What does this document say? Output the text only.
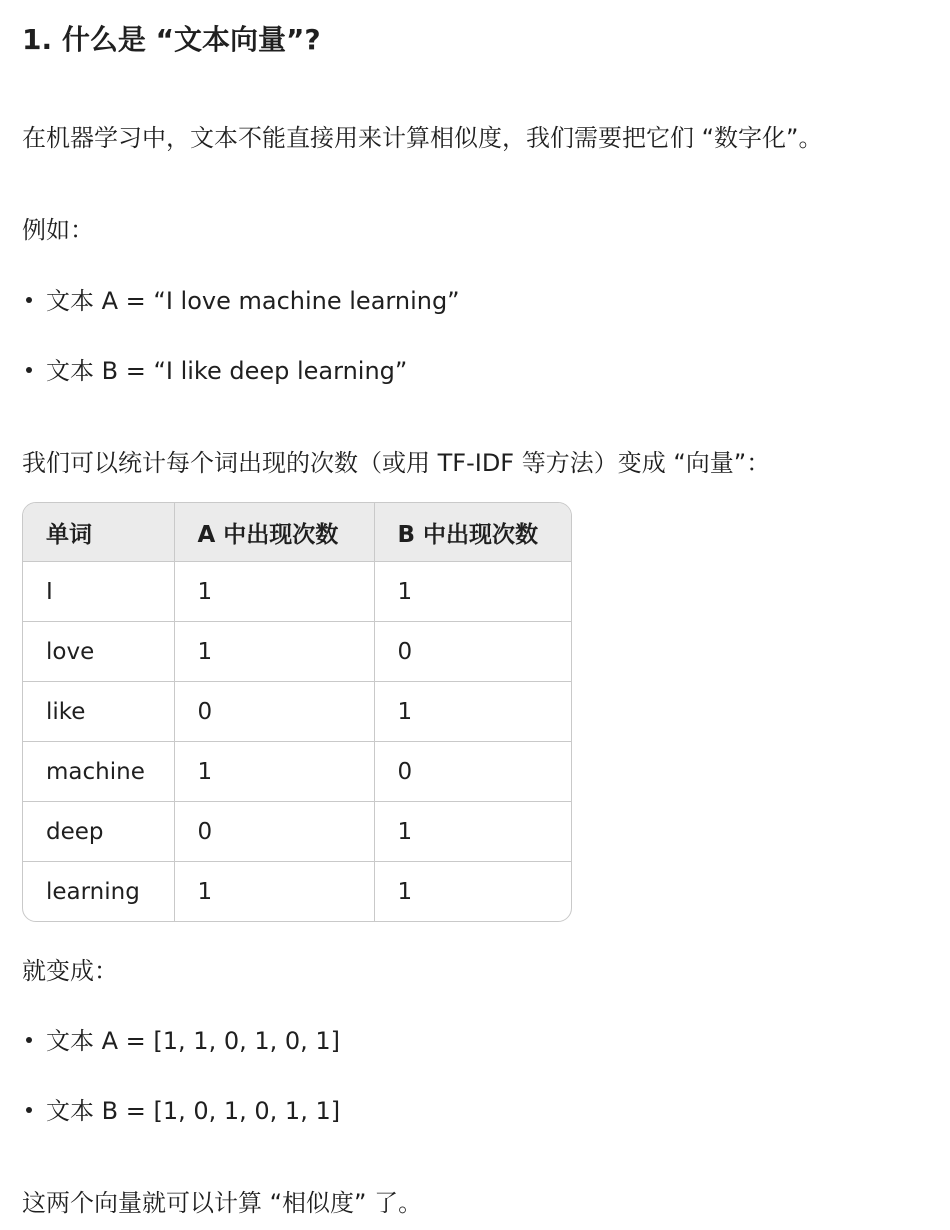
1. 什么是 “文本向量”?
在机器学习中，文本不能直接用来计算相似度，我们需要把它们 “数字化”。
例如：
文本 A = “I love machine learning”
文本 B = “I like deep learning”
我们可以统计每个词出现的次数（或用 TF-IDF 等方法）变成 “向量”：
单词	A 中出现次数	B 中出现次数
I	1	1
love	1	0
like	0	1
machine	1	0
deep	0	1
learning	1	1
就变成：
文本 A = [1, 1, 0, 1, 0, 1]
文本 B = [1, 0, 1, 0, 1, 1]
这两个向量就可以计算 “相似度” 了。
